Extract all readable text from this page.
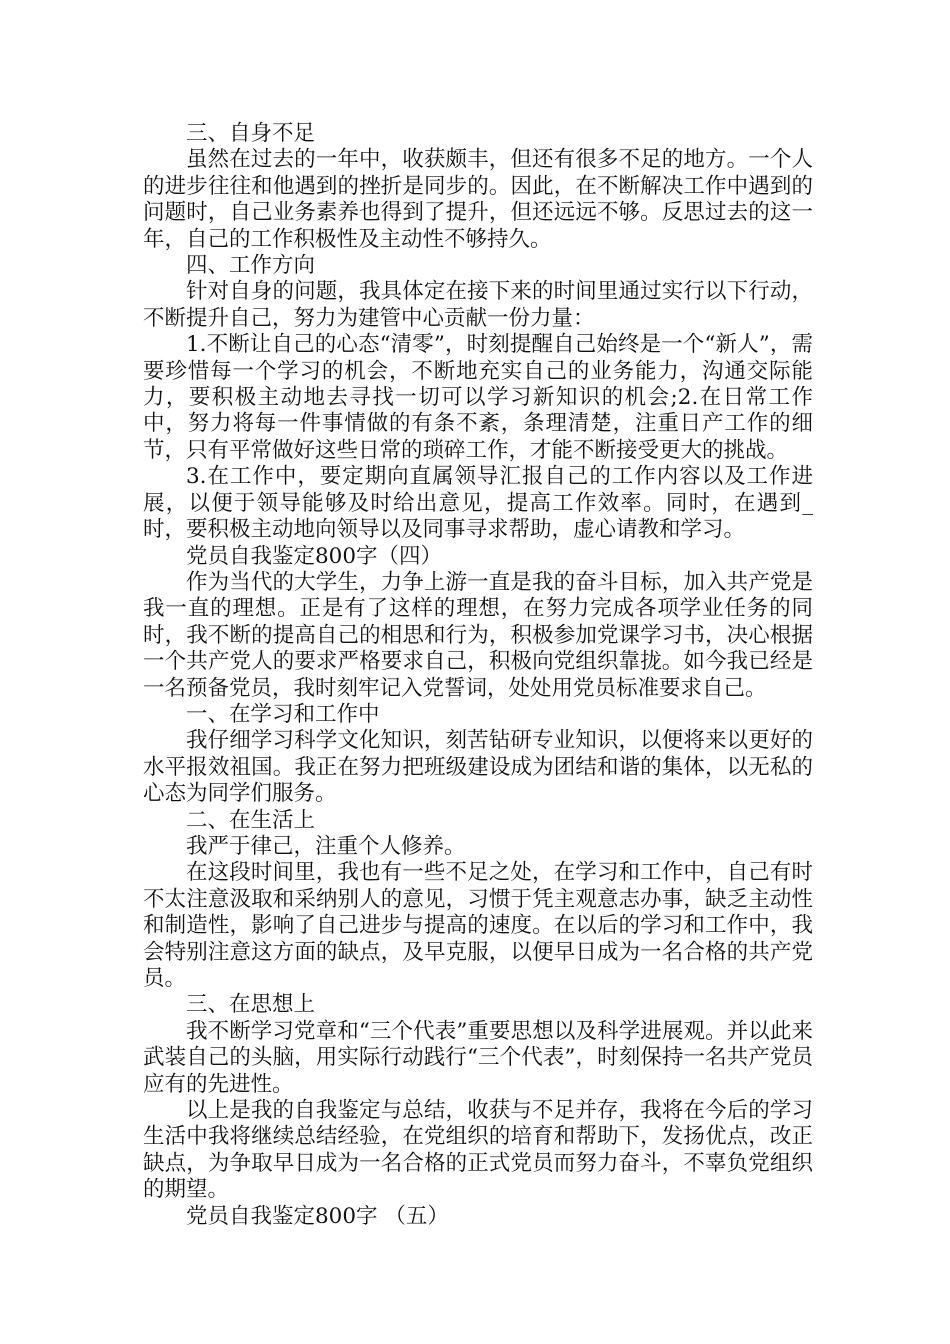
三、自身不足

虽然在过去的一年中，收获颇丰，但还有很多不足的地方。一个人的进步往往和他遇到的挫折是同步的。因此，在不断解决工作中遇到的问题时，自己业务素养也得到了提升，但还远远不够。反思过去的这一年，自己的工作积极性及主动性不够持久。

四、工作方向

针对自身的问题，我具体定在接下来的时间里通过实行以下行动，不断提升自己，努力为建管中心贡献一份力量：

1.不断让自己的心态“清零”，时刻提醒自己始终是一个“新人”，需要珍惜每一个学习的机会，不断地充实自己的业务能力，沟通交际能力，要积极主动地去寻找一切可以学习新知识的机会;2.在日常工作中，努力将每一件事情做的有条不紊，条理清楚，注重日产工作的细节，只有平常做好这些日常的琐碎工作，才能不断接受更大的挑战。

3.在工作中，要定期向直属领导汇报自己的工作内容以及工作进展，以便于领导能够及时给出意见，提高工作效率。同时，在遇到_时，要积极主动地向领导以及同事寻求帮助，虚心请教和学习。

党员自我鉴定800字（四）

作为当代的大学生，力争上游一直是我的奋斗目标，加入共产党是我一直的理想。正是有了这样的理想，在努力完成各项学业任务的同时，我不断的提高自己的相思和行为，积极参加党课学习书，决心根据一个共产党人的要求严格要求自己，积极向党组织靠拢。如今我已经是一名预备党员，我时刻牢记入党誓词，处处用党员标准要求自己。

一、在学习和工作中

我仔细学习科学文化知识，刻苦钻研专业知识，以便将来以更好的水平报效祖国。我正在努力把班级建设成为团结和谐的集体，以无私的心态为同学们服务。

二、在生活上

我严于律己，注重个人修养。

在这段时间里，我也有一些不足之处，在学习和工作中，自己有时不太注意汲取和采纳别人的意见，习惯于凭主观意志办事，缺乏主动性和制造性，影响了自己进步与提高的速度。在以后的学习和工作中，我会特别注意这方面的缺点，及早克服，以便早日成为一名合格的共产党员。

三、在思想上

我不断学习党章和“三个代表”重要思想以及科学进展观。并以此来武装自己的头脑，用实际行动践行“三个代表”，时刻保持一名共产党员应有的先进性。

以上是我的自我鉴定与总结，收获与不足并存，我将在今后的学习生活中我将继续总结经验，在党组织的培育和帮助下，发扬优点，改正缺点，为争取早日成为一名合格的正式党员而努力奋斗，不辜负党组织的期望。

党员自我鉴定800字 （五）
